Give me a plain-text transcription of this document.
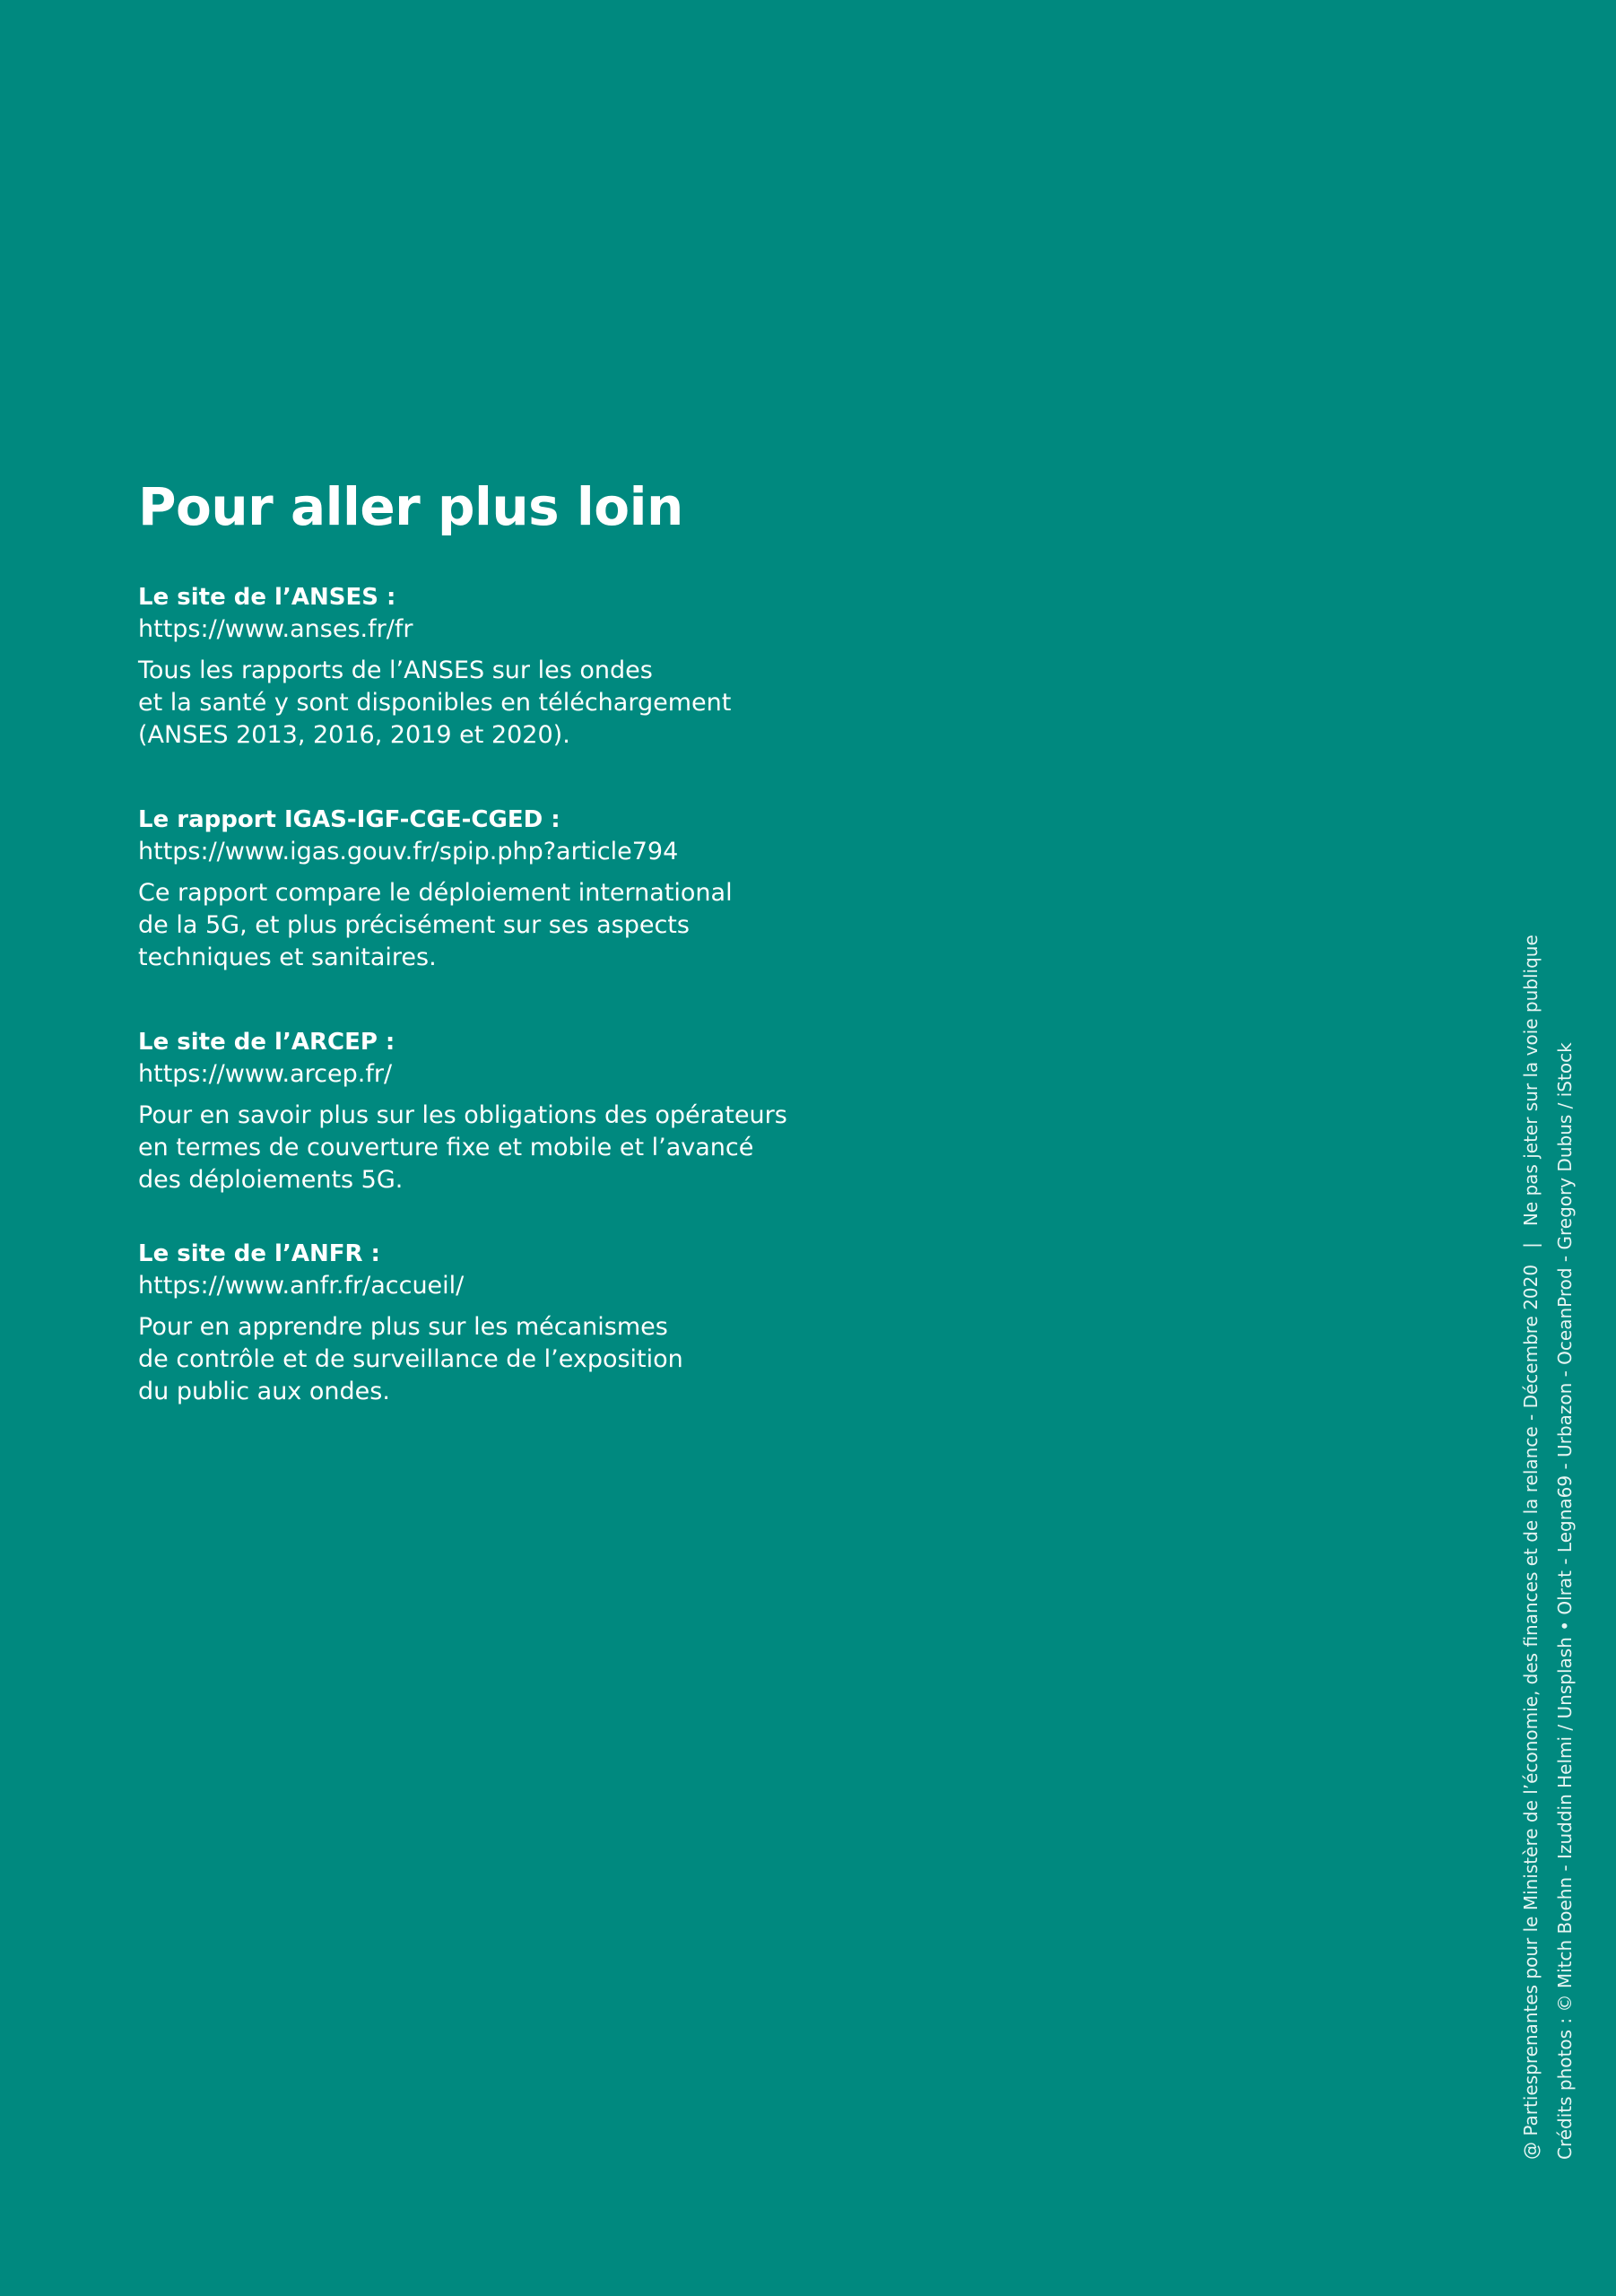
Pour aller plus loin
Le site de l’ANSES :
https://www.anses.fr/fr
Tous les rapports de l’ANSES sur les ondes
et la santé y sont disponibles en téléchargement
(ANSES 2013, 2016, 2019 et 2020).
Le rapport IGAS-IGF-CGE-CGED :
https://www.igas.gouv.fr/spip.php?article794
Ce rapport compare le déploiement international
de la 5G, et plus précisément sur ses aspects
techniques et sanitaires.
Le site de l’ARCEP :
https://www.arcep.fr/
Pour en savoir plus sur les obligations des opérateurs
en termes de couverture fixe et mobile et l’avancé
des déploiements 5G.
Le site de l’ANFR :
https://www.anfr.fr/accueil/
Pour en apprendre plus sur les mécanismes
de contrôle et de surveillance de l’exposition
du public aux ondes.	@ Partiesprenantes pour le Ministère de l’économie, des finances et de la relance - Décembre 2020|Ne pas jeter sur la voie publique Crédits photos : © Mitch Boehn - Izuddin Helmi / Unsplash • Olrat - Legna69 - Urbazon - OceanProd - Gregory Dubus / iStock
